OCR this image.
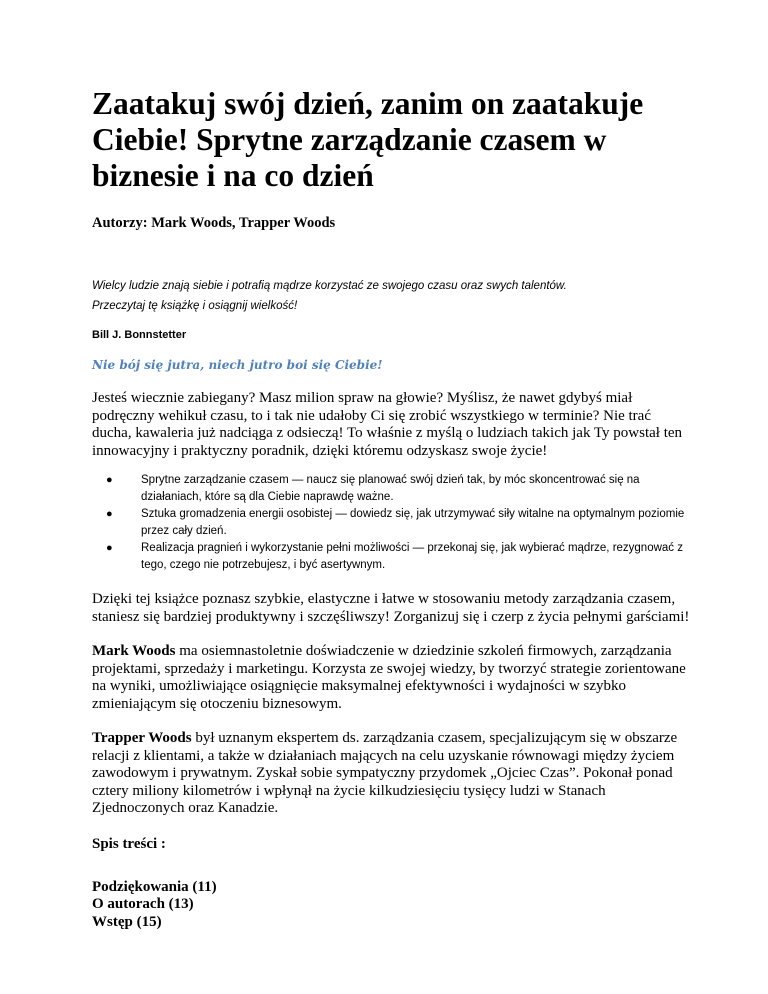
Zaatakuj swój dzień, zanim on zaatakuje Ciebie! Sprytne zarządzanie czasem w biznesie i na co dzień

Autorzy: Mark Woods, Trapper Woods

Wielcy ludzie znają siebie i potrafią mądrze korzystać ze swojego czasu oraz swych talentów.
Przeczytaj tę książkę i osiągnij wielkość!

Bill J. Bonnstetter

Nie bój się jutra, niech jutro boi się Ciebie!

Jesteś wiecznie zabiegany? Masz milion spraw na głowie? Myślisz, że nawet gdybyś miał podręczny wehikuł czasu, to i tak nie udałoby Ci się zrobić wszystkiego w terminie? Nie trać ducha, kawaleria już nadciąga z odsieczą! To właśnie z myślą o ludziach takich jak Ty powstał ten innowacyjny i praktyczny poradnik, dzięki któremu odzyskasz swoje życie!

● Sprytne zarządzanie czasem — naucz się planować swój dzień tak, by móc skoncentrować się na działaniach, które są dla Ciebie naprawdę ważne.
● Sztuka gromadzenia energii osobistej — dowiedz się, jak utrzymywać siły witalne na optymalnym poziomie przez cały dzień.
● Realizacja pragnień i wykorzystanie pełni możliwości — przekonaj się, jak wybierać mądrze, rezygnować z tego, czego nie potrzebujesz, i być asertywnym.

Dzięki tej książce poznasz szybkie, elastyczne i łatwe w stosowaniu metody zarządzania czasem, staniesz się bardziej produktywny i szczęśliwszy! Zorganizuj się i czerp z życia pełnymi garściami!

Mark Woods ma osiemnastoletnie doświadczenie w dziedzinie szkoleń firmowych, zarządzania projektami, sprzedaży i marketingu. Korzysta ze swojej wiedzy, by tworzyć strategie zorientowane na wyniki, umożliwiające osiągnięcie maksymalnej efektywności i wydajności w szybko zmieniającym się otoczeniu biznesowym.

Trapper Woods był uznanym ekspertem ds. zarządzania czasem, specjalizującym się w obszarze relacji z klientami, a także w działaniach mających na celu uzyskanie równowagi między życiem zawodowym i prywatnym. Zyskał sobie sympatyczny przydomek „Ojciec Czas”. Pokonał ponad cztery miliony kilometrów i wpłynął na życie kilkudziesięciu tysięcy ludzi w Stanach Zjednoczonych oraz Kanadzie.

Spis treści :

Podziękowania (11)
O autorach (13)
Wstęp (15)
